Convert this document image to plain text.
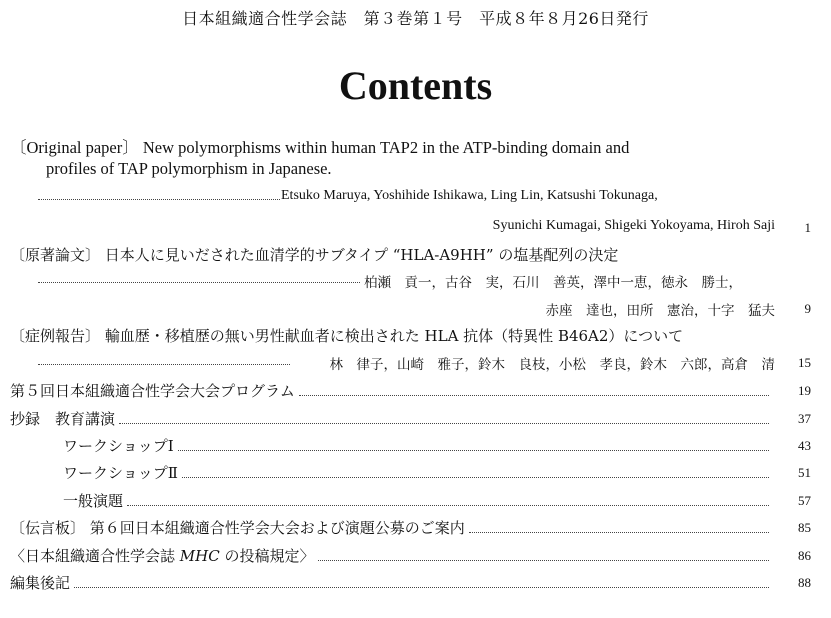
日本組織適合性学会誌　第３巻第１号　平成８年８月26日発行
Contents
〔Original paper〕 New polymorphisms within human TAP2 in the ATP-binding domain and
profiles of TAP polymorphism in Japanese.
Etsuko Maruya, Yoshihide Ishikawa, Ling Lin, Katsushi Tokunaga,
Syunichi Kumagai, Shigeki Yokoyama, Hiroh Saji 1
〔原著論文〕 日本人に見いだされた血清学的サブタイプ “HLA-A9HH” の塩基配列の決定
柏瀬　貢一，古谷　実，石川　善英，澤中一恵，徳永　勝士，
赤座　達也，田所　憲治，十字　猛夫 9
〔症例報告〕 輸血歴・移植歴の無い男性献血者に検出された HLA 抗体（特異性 B46A2）について
林　律子，山崎　雅子，鈴木　良枝，小松　孝良，鈴木　六郎，高倉　清 15
第５回日本組織適合性学会大会プログラム	19
抄録　教育講演	37
ワークショップⅠ	43
ワークショップⅡ	51
一般演題	57
〔伝言板〕 第６回日本組織適合性学会大会および演題公募のご案内	85
〈日本組織適合性学会誌 MHC の投稿規定〉	86
編集後記	88
